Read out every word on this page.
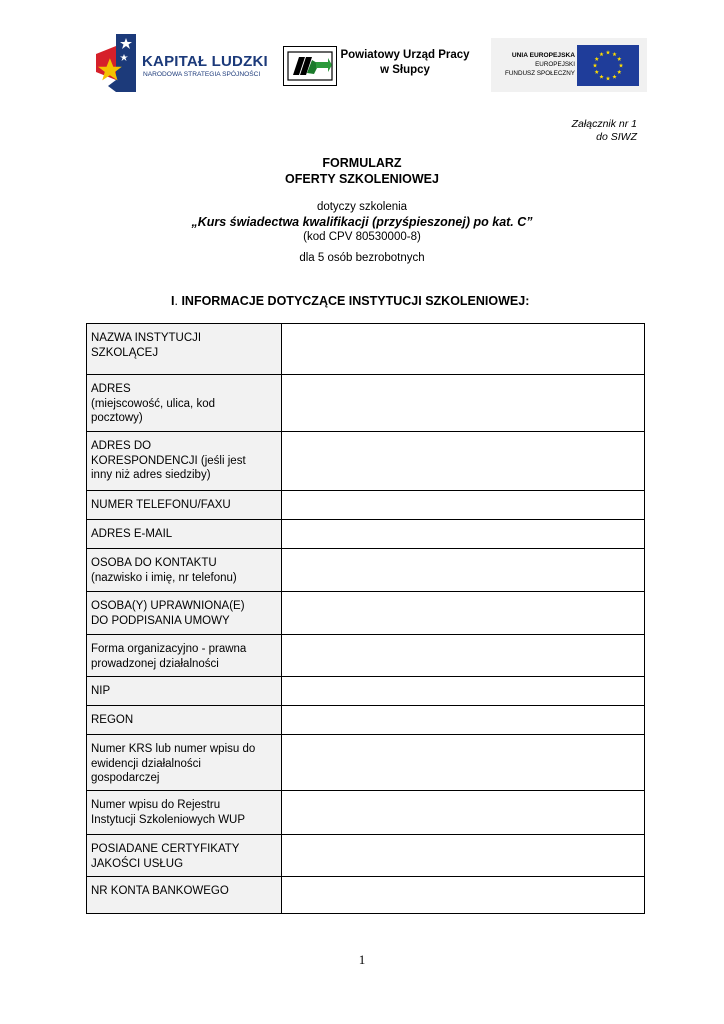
KAPITAŁ LUDZKI
NARODOWA STRATEGIA SPÓJNOŚCI
Powiatowy Urząd Pracy
w Słupcy
UNIA EUROPEJSKA
EUROPEJSKI
FUNDUSZ SPOŁECZNY
Załącznik nr 1
do SIWZ
FORMULARZ
OFERTY SZKOLENIOWEJ
dotyczy szkolenia
„Kurs świadectwa kwalifikacji (przyśpieszonej) po kat. C”
(kod CPV 80530000-8)
dla 5 osób bezrobotnych
I. INFORMACJE DOTYCZĄCE INSTYTUCJI SZKOLENIOWEJ:
NAZWA INSTYTUCJI
SZKOLĄCEJ	

ADRES
(miejscowość, ulica, kod
pocztowy)	

ADRES DO
KORESPONDENCJI (jeśli jest
inny niż adres siedziby)	

NUMER TELEFONU/FAXU	

ADRES E-MAIL	

OSOBA DO KONTAKTU
(nazwisko i imię, nr telefonu)	

OSOBA(Y) UPRAWNIONA(E)
DO PODPISANIA UMOWY	

Forma organizacyjno - prawna
prowadzonej działalności	

NIP	

REGON	

Numer KRS lub numer wpisu do
ewidencji działalności
gospodarczej	

Numer wpisu do Rejestru
Instytucji Szkoleniowych WUP	

POSIADANE CERTYFIKATY
JAKOŚCI USŁUG	

NR KONTA BANKOWEGO	

1
